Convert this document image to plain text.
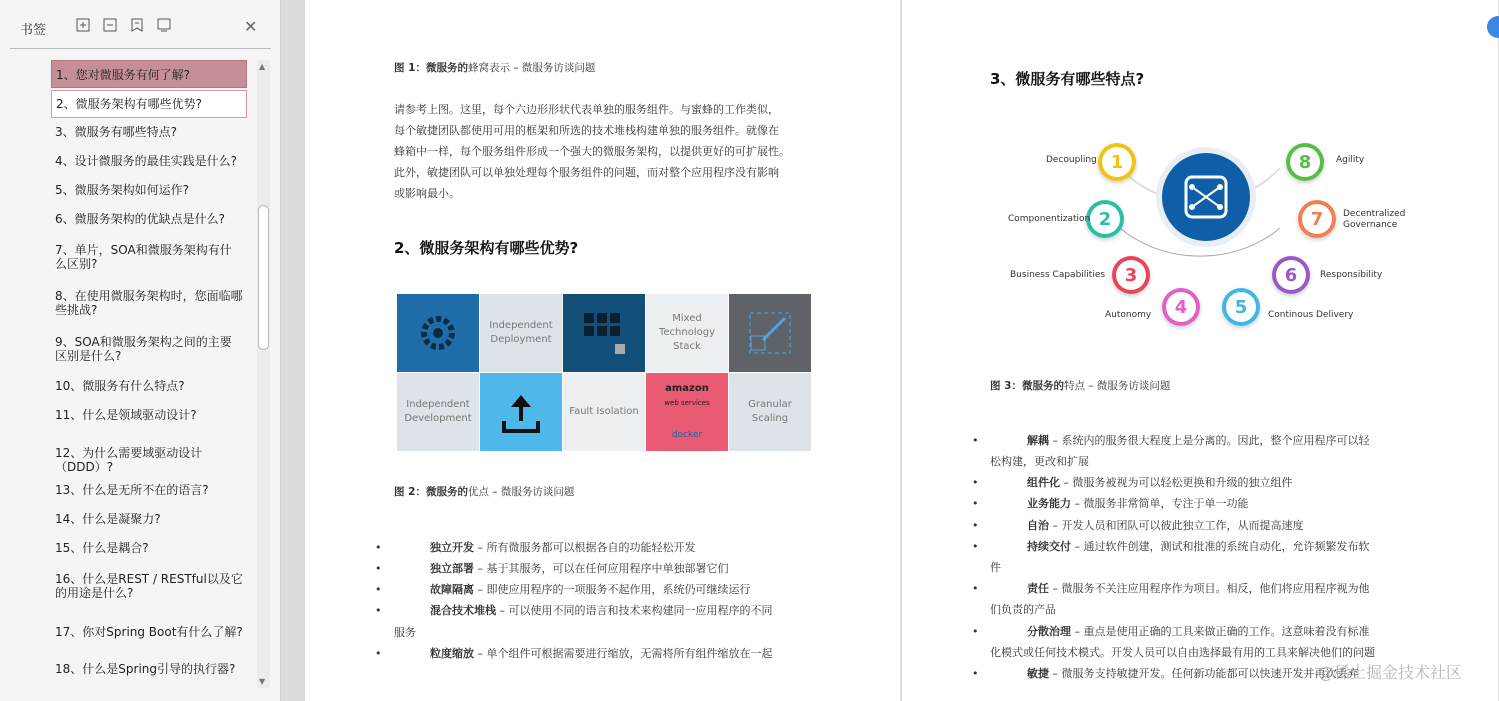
书签	✕
1、您对微服务有何了解?
2、微服务架构有哪些优势?
3、微服务有哪些特点?
4、设计微服务的最佳实践是什么?
5、微服务架构如何运作?
6、微服务架构的优缺点是什么?
7、单片，SOA和微服务架构有什么区别?
8、在使用微服务架构时，您面临哪些挑战?
9、SOA和微服务架构之间的主要区别是什么?
10、微服务有什么特点?
11、什么是领域驱动设计?
12、为什么需要域驱动设计（DDD）?
13、什么是无所不在的语言?
14、什么是凝聚力?
15、什么是耦合?
16、什么是REST / RESTful以及它的用途是什么?
17、你对Spring Boot有什么了解?
18、什么是Spring引导的执行器?
▲
▼
图 1：微服务的蜂窝表示 – 微服务访谈问题
请参考上图。这里，每个六边形形状代表单独的服务组件。与蜜蜂的工作类似，
每个敏捷团队都使用可用的框架和所选的技术堆栈构建单独的服务组件。就像在
蜂箱中一样，每个服务组件形成一个强大的微服务架构，以提供更好的可扩展性。
此外，敏捷团队可以单独处理每个服务组件的问题，而对整个应用程序没有影响
或影响最小。
2、微服务架构有哪些优势?
Independent Deployment
Mixed Technology Stack
Independent Development
Fault Isolation
amazon
web services
docker
Granular Scaling
图 2：微服务的优点 – 微服务访谈问题
•	独立开发 – 所有微服务都可以根据各自的功能轻松开发
•	独立部署 – 基于其服务，可以在任何应用程序中单独部署它们
•	故障隔离 – 即使应用程序的一项服务不起作用，系统仍可继续运行
•	混合技术堆栈 – 可以使用不同的语言和技术来构建同一应用程序的不同
服务
•	粒度缩放 – 单个组件可根据需要进行缩放，无需将所有组件缩放在一起
3、微服务有哪些特点?
1
2
3
4	5
6
7
8
Decoupling
Componentization
Business Capabilities
Autonomy	Continous Delivery
Responsibility
Decentralized Governance
Agility
图 3：微服务的特点 – 微服务访谈问题
•	解耦 – 系统内的服务很大程度上是分离的。因此，整个应用程序可以轻
松构建，更改和扩展
•	组件化 – 微服务被视为可以轻松更换和升级的独立组件
•	业务能力 – 微服务非常简单，专注于单一功能
•	自治 – 开发人员和团队可以彼此独立工作，从而提高速度
•	持续交付 – 通过软件创建，测试和批准的系统自动化，允许频繁发布软
件
•	责任 – 微服务不关注应用程序作为项目。相反，他们将应用程序视为他
们负责的产品
•	分散治理 – 重点是使用正确的工具来做正确的工作。这意味着没有标准
化模式或任何技术模式。开发人员可以自由选择最有用的工具来解决他们的问题
•	敏捷 – 微服务支持敏捷开发。任何新功能都可以快速开发并再次丢弃
@稀土掘金技术社区
